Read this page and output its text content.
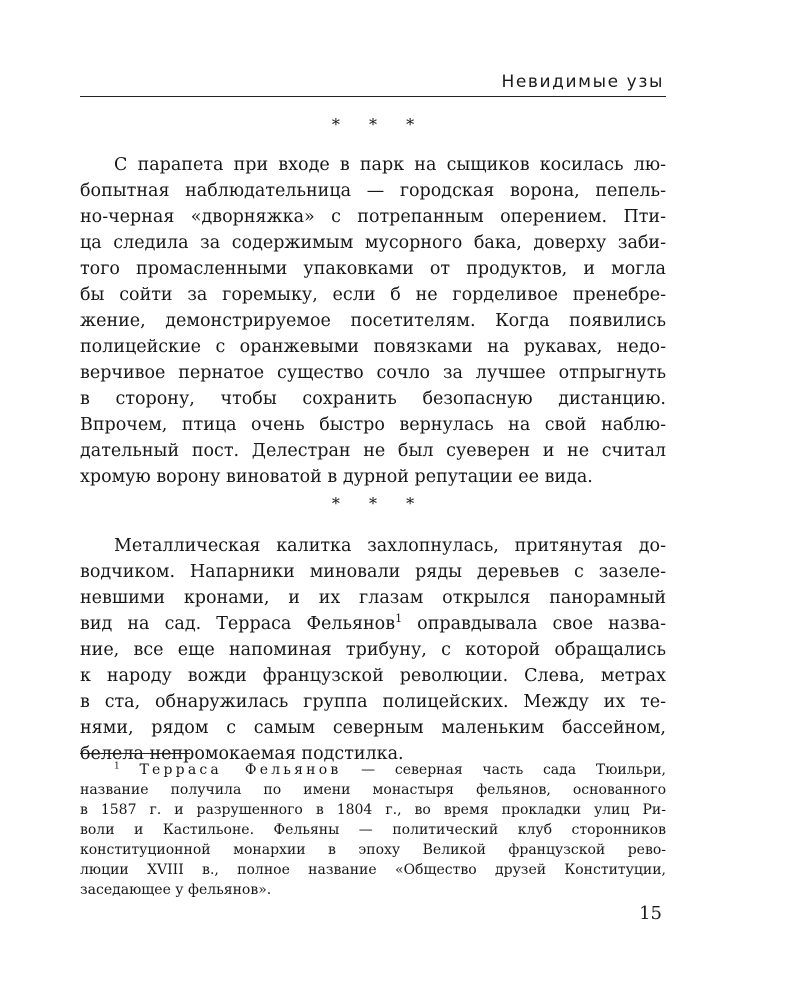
Невидимые узы
* * *
С парапета при входе в парк на сыщиков косилась лю-
бопытная наблюдательница — городская ворона, пепель-
но-черная «дворняжка» с потрепанным оперением. Пти-
ца следила за содержимым мусорного бака, доверху заби-
того промасленными упаковками от продуктов, и могла
бы сойти за горемыку, если б не горделивое пренебре-
жение, демонстрируемое посетителям. Когда появились
полицейские с оранжевыми повязками на рукавах, недо-
верчивое пернатое существо сочло за лучшее отпрыгнуть
в сторону, чтобы сохранить безопасную дистанцию.
Впрочем, птица очень быстро вернулась на свой наблю-
дательный пост. Делестран не был суеверен и не считал
хромую ворону виноватой в дурной репутации ее вида.
* * *
Металлическая калитка захлопнулась, притянутая до-
водчиком. Напарники миновали ряды деревьев с зазеле-
невшими кронами, и их глазам открылся панорамный
вид на сад. Терраса Фельянов$^1$ оправдывала свое назва-
ние, все еще напоминая трибуну, с которой обращались
к народу вожди французской революции. Слева, метрах
в ста, обнаружилась группа полицейских. Между их те-
нями, рядом с самым северным маленьким бассейном,
белела непромокаемая подстилка.
$^1$ Терраса Фельянов — северная часть сада Тюильри,
название получила по имени монастыря фельянов, основанного
в 1587 г. и разрушенного в 1804 г., во время прокладки улиц Ри-
воли и Кастильоне. Фельяны — политический клуб сторонников
конституционной монархии в эпоху Великой французской рево-
люции XVIII в., полное название «Общество друзей Конституции,
заседающее у фельянов».
15
